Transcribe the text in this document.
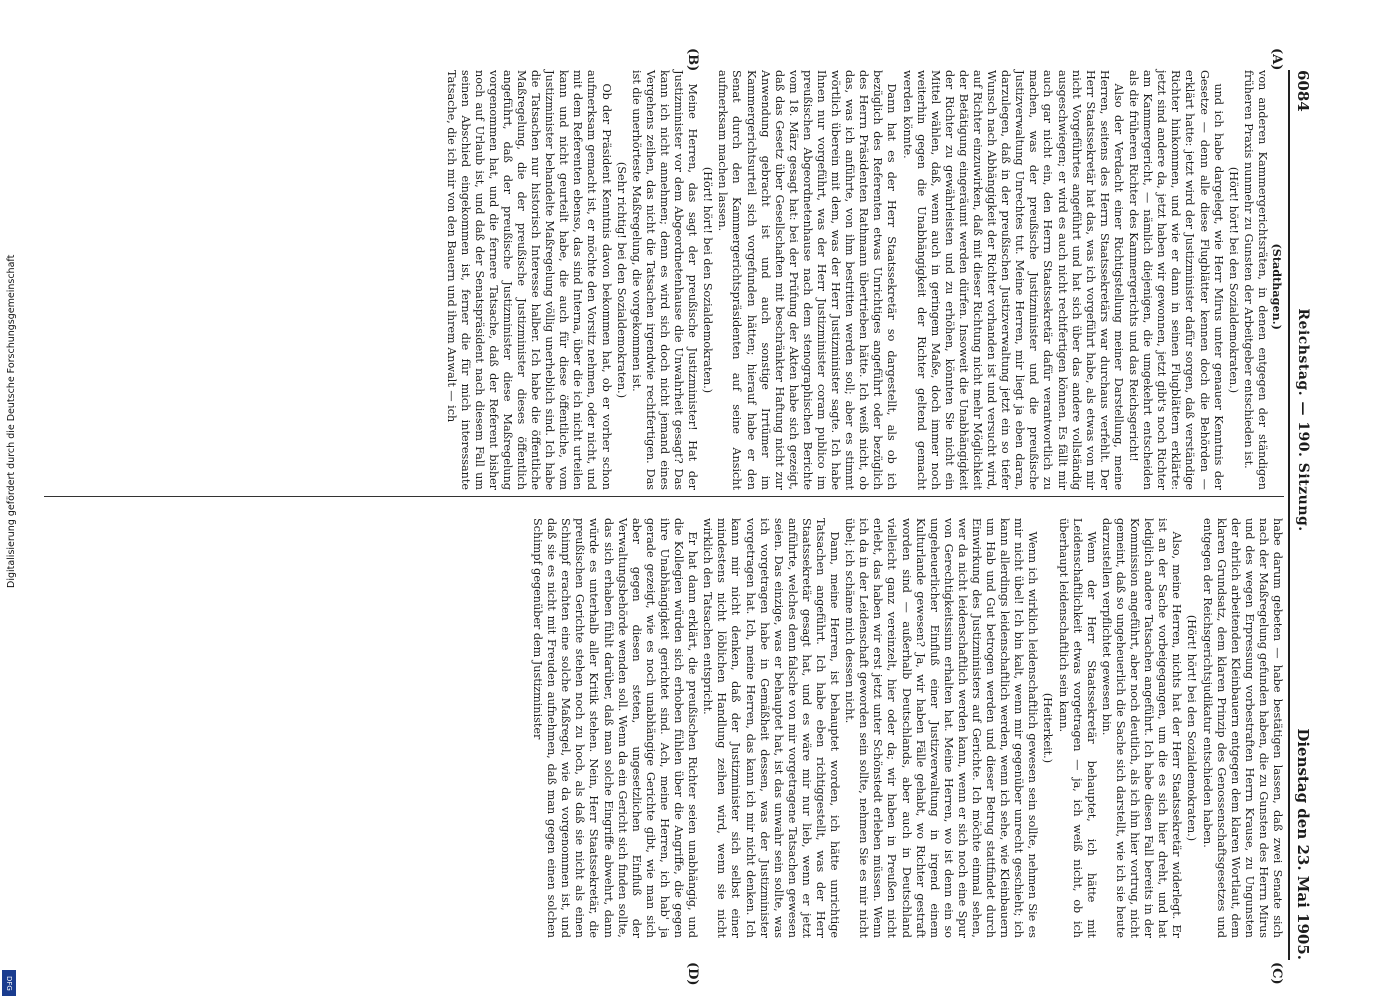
6084
Reichstag. — 190. Sitzung.
Dienstag den 23. Mai 1905.
(A)
(B)
(C)
(D)

(Stadthagen.)

von anderen Kammergerichtsräten, in denen entgegen der ständigen früheren Praxis nunmehr zu Gunsten der Arbeitgeber entschieden ist.

(Hört! hört! bei den Sozialdemokraten.)

und ich habe dargelegt, wie Herr Mirus unter genauer Kenntnis der Gesetze — denn alle diese Flugblätter kennen doch die Behörden — erklärt hatte: jetzt wird der Justizminister dafür sorgen, daß verständige Richter hinkommen, und wie er dann in seinen Flugblättern erklärte: jetzt sind andere da, jetzt haben wir gewonnen, jetzt gibt's noch Richter am Kammergericht, — nämlich diejenigen, die umgekehrt entscheiden als die früheren Richter des Kammergerichts und das Reichsgericht!

Also der Verdacht einer Richtigstellung meiner Darstellung, meine Herren, seitens des Herrn Staatssekretärs war durchaus verfehlt. Der Herr Staatssekretär hat das, was ich vorgeführt habe, als etwas von mir nicht Vorgeführtes angeführt und hat sich über das andere vollständig ausgeschwiegen; er wird es auch nicht rechtfertigen können. Es fällt mir auch gar nicht ein, den Herrn Staatssekretär dafür verantwortlich zu machen, was der preußische Justizminister und die preußische Justizverwaltung Unrechtes tut. Meine Herren, mir liegt ja eben daran, darzulegen, daß in der preußischen Justizverwaltung jetzt ein so tiefer Wunsch nach Abhängigkeit der Richter vorhanden ist und versucht wird, auf Richter einzuwirken, daß mit dieser Richtung nicht mehr Möglichkeit der Betätigung eingeräumt werden dürfen. Insoweit die Unabhängigkeit der Richter zu gewährleisten und zu erhöhen, könnten Sie nicht ein Mittel wählen, daß, wenn auch in geringem Maße, doch immer noch weiterhin gegen die Unabhängigkeit der Richter geltend gemacht werden könnte.

Dann hat es der Herr Staatssekretär so dargestellt, als ob ich bezüglich des Referenten etwas Unrichtiges angeführt oder bezüglich des Herrn Präsidenten Rathmann übertrieben hätte. Ich weiß nicht, ob das, was ich anführte, von ihm bestritten werden soll; aber es stimmt wörtlich überein mit dem, was der Herr Justizminister sagte. Ich habe Ihnen nur vorgeführt, was der Herr Justizminister coram publico im preußischen Abgeordnetenhause nach dem stenographischen Berichte vom 18. März gesagt hat: bei der Prüfung der Akten habe sich gezeigt, daß das Gesetz über Gesellschaften mit beschränkter Haftung nicht zur Anwendung gebracht ist und auch sonstige Irrtümer im Kammergerichtsurteil sich vorgefunden hätten; hierauf habe er den Senat durch den Kammergerichtspräsidenten auf seine Ansicht aufmerksam machen lassen.

(Hört! hört! bei den Sozialdemokraten.)

Meine Herren, das sagt der preußische Justizminister! Hat der Justizminister vor dem Abgeordnetenhause die Unwahrheit gesagt? Das kann ich nicht annehmen; denn es wird sich doch nicht jemand eines Vergehens zeihen, das nicht die Tatsachen irgendwie rechtfertigen. Das ist die unerhörteste Maßregelung, die vorgekommen ist.

(Sehr richtig! bei den Sozialdemokraten.)

Ob der Präsident Kenntnis davon bekommen hat, ob er vorher schon aufmerksam gemacht ist, er möchte den Vorsitz nehmen, oder nicht, und mit dem Referenten ebenso, das sind Interna, über die ich nicht urteilen kann und nicht geurteilt habe, die auch für diese öffentliche, vom Justizminister behandelte Maßregelung völlig unerheblich sind. Ich habe die Tatsachen nur historisch Interesse halber. Ich habe die öffentliche Maßregelung, die der preußische Justizminister dieses öffentlich angeführt, daß der preußische Justizminister diese Maßregelung vorgenommen hat, und die fernere Tatsache, daß der Referent bisher noch auf Urlaub ist, und daß der Senatspräsident nach diesem Fall um seinen Abschied eingekommen ist, ferner die für mich interessante Tatsache, die ich mir von den Bauern und ihrem Anwalt — ich

habe darum gebeten — habe bestätigen lassen, daß zwei Senate sich nach der Maßregelung gefunden haben, die zu Gunsten des Herrn Mirus und des wegen Erpressung vorbestraften Herrn Krause, zu Ungunsten der ehrlich arbeitenden Kleinbauern entgegen dem klaren Wortlaut, dem klaren Grundsatz, dem klaren Prinzip des Genossenschaftsgesetzes und entgegen der Reichsgerichtsjudikatur entschieden haben.

(Hört! hört! bei den Sozialdemokraten.)

Also, meine Herren, nichts hat der Herr Staatssekretär widerlegt. Er ist an der Sache vorbeigegangen, um die es sich hier dreht, und hat lediglich andere Tatsachen angeführt. Ich habe diesen Fall bereits in der Kommission angeführt, aber noch deutlich, als ich ihn hier vortrug, nicht gemeint, daß so ungeheuerlich die Sache sich darstellt, wie ich sie heute darzustellen verpflichtet gewesen bin.

Wenn der Herr Staatssekretär behauptet, ich hätte mit Leidenschaftlichkeit etwas vorgetragen — ja, ich weiß nicht, ob ich überhaupt leidenschaftlich sein kann.

(Heiterkeit.)

Wenn ich wirklich leidenschaftlich gewesen sein sollte, nehmen Sie es mir nicht übel! Ich bin kalt, wenn mir gegenüber unrecht geschieht; ich kann allerdings leidenschaftlich werden, wenn ich sehe, wie Kleinbauern um Hab und Gut betrogen werden und dieser Betrug stattfindet durch Einwirkung des Justizministers auf Gerichte. Ich möchte einmal sehen, wer da nicht leidenschaftlich werden kann, wenn er sich noch eine Spur von Gerechtigkeitssinn erhalten hat. Meine Herren, wo ist denn ein so ungeheuerlicher Einfluß einer Justizverwaltung in irgend einem Kulturlande gewesen? Ja, wir haben Fälle gehabt, wo Richter gestraft worden sind — außerhalb Deutschlands, aber auch in Deutschland vielleicht ganz vereinzelt, hier oder da; wir haben in Preußen nicht erlebt, das haben wir erst jetzt unter Schönstedt erleben müssen. Wenn ich da in der Leidenschaft geworden sein sollte, nehmen Sie es mir nicht übel; ich schäme mich dessen nicht.

Dann, meine Herren, ist behauptet worden, ich hätte unrichtige Tatsachen angeführt. Ich habe eben richtiggestellt, was der Herr Staatssekretär gesagt hat, und es wäre mir nur lieb, wenn er jetzt anführte, welches denn falsche von mir vorgetragene Tatsachen gewesen seien. Das einzige, was er behauptet hat, ist das unwahr sein sollte, was ich vorgetragen habe in Gemäßheit dessen, was der Justizminister vorgetragen hat. Ich, meine Herren, das kann ich mir nicht denken. Ich kann mir nicht denken, daß der Justizminister sich selbst einer mindestens nicht löblichen Handlung zeihen wird, wenn sie nicht wirklich den Tatsachen entspricht.

Er hat dann erklärt, die preußischen Richter seien unabhängig, und die Kollegien würden sich erhoben fühlen über die Angriffe, die gegen ihre Unabhängigkeit gerichtet sind. Ach, meine Herren, ich hab' ja gerade gezeigt, wie es noch unabhängige Gerichte gibt, wie man sich aber gegen diesen steten, ungesetzlichen Einfluß der Verwaltungsbehörde wenden soll. Wenn da ein Gericht sich finden sollte, das sich erhaben fühlt darüber, daß man solche Eingriffe abwehrt, dann würde es unterhalb aller Kritik stehen. Nein, Herr Staatssekretär, die preußischen Gerichte stehen noch zu hoch, als daß sie nicht als einen Schimpf erachten eine solche Maßregel, wie da vorgenommen ist, und daß sie es nicht mit Freuden aufnehmen, daß man gegen einen solchen Schimpf gegenüber dem Justizminister

Digitalisierung gefördert durch die Deutsche Forschungsgemeinschaft
DFG
